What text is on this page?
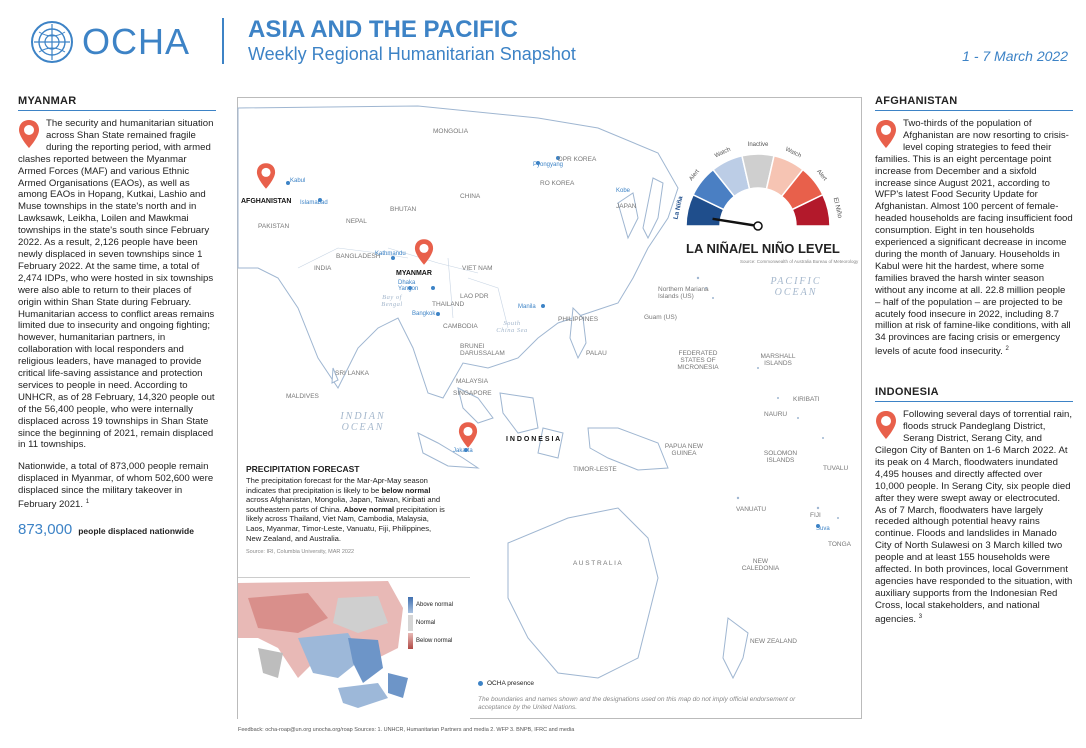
OCHA ASIA AND THE PACIFIC
Weekly Regional Humanitarian Snapshot	1 - 7 March 2022
MYANMAR
The security and humanitarian situation across Shan State remained fragile during the reporting period, with armed clashes reported between the Myanmar Armed Forces (MAF) and various Ethnic Armed Organisations (EAOs), as well as among EAOs in Hopang, Kutkai, Lashio and Muse townships in the state's north and in Lawksawk, Leikha, Loilen and Mawkmai townships in the state's south since February 2022. As a result, 2,126 people have been newly displaced in seven townships since 1 February 2022. At the same time, a total of 2,474 IDPs, who were hosted in six townships were also able to return to their places of origin within Shan State during February. Humanitarian access to conflict areas remains limited due to insecurity and ongoing fighting; however, humanitarian partners, in collaboration with local responders and religious leaders, have managed to provide critical life-saving assistance and protection services to people in need. According to UNHCR, as of 28 February, 14,320 people out of the 56,400 people, who were internally displaced across 19 townships in Shan State since the beginning of 2021, remain displaced in 11 townships.
Nationwide, a total of 873,000 people remain displaced in Myanmar, of whom 502,600 were displaced since the military takeover in February 2021. $^1$
873,000 people displaced nationwide
MONGOLIA
CHINA
DPR KOREA
RO KOREA
JAPAN
AFGHANISTAN
PAKISTAN
NEPAL
BHUTAN
INDIA
BANGLADESH
MYANMAR
VIET NAM
LAO PDR
THAILAND
CAMBODIA
PHILIPPINES
SRI LANKA
MALDIVES
BRUNEI DARUSSALAM
MALAYSIA
SINGAPORE
I N D O N E S I A
PALAU	FEDERATED STATES OF MICRONESIA
MARSHALL ISLANDS
KIRIBATI
NAURU
SOLOMON ISLANDS
TUVALU
PAPUA NEW GUINEA
TIMOR-LESTE
VANUATU
FIJI
TONGA
NEW CALEDONIA
A U S T R A L I A
NEW ZEALAND
Northern Mariana Islands (US)
Guam (US)
PACIFIC OCEAN
INDIAN OCEAN
Bay of Bengal
South China Sea
Kabul
Islamabad
Kathmandu
Dhaka
Yangon
Bangkok
Manila
Jakarta
Kobe
Pyongyang
Suva
La Niña
Alert
Watch
Inactive
Watch
Alert
El Niño
LA NIÑA/EL NIÑO LEVEL
Source: Commonwealth of Australia Bureau of Meteorology
PRECIPITATION FORECAST
The precipitation forecast for the Mar-Apr-May season indicates that precipitation is likely to be below normal across Afghanistan, Mongolia, Japan, Taiwan, Kiribati and southeastern parts of China. Above normal precipitation is likely across Thailand, Viet Nam, Cambodia, Malaysia, Laos, Myanmar, Timor-Leste, Vanuatu, Fiji, Philippines, New Zealand, and Australia.
Source: IRI, Columbia University, MAR 2022
Above normal
Normal
Below normal
OCHA presence
The boundaries and names shown and the designations used on this map do not imply official endorsement or acceptance by the United Nations.
AFGHANISTAN
Two-thirds of the population of Afghanistan are now resorting to crisis-level coping strategies to feed their families. This is an eight percentage point increase from December and a sixfold increase since August 2021, according to WFP's latest Food Security Update for Afghanistan. Almost 100 percent of female-headed households are facing insufficient food consumption. Eight in ten households experienced a significant decrease in income during the month of January. Households in Kabul were hit the hardest, where some families braved the harsh winter season without any income at all. 22.8 million people – half of the population – are projected to be acutely food insecure in 2022, including 8.7 million at risk of famine-like conditions, with all 34 provinces are facing crisis or emergency levels of acute food insecurity. $^2$
INDONESIA
Following several days of torrential rain, floods struck Pandeglang District, Serang District, Serang City, and Cilegon City of Banten on 1-6 March 2022. At its peak on 4 March, floodwaters inundated 4,495 houses and directly affected over 10,000 people. In Serang City, six people died after they were swept away or electrocuted. As of 7 March, floodwaters have largely receded although potential heavy rains continue. Floods and landslides in Manado City of North Sulawesi on 3 March killed two people and at least 155 households were affected. In both provinces, local Government agencies have responded to the situation, with auxiliary supports from the Indonesian Red Cross, local stakeholders, and national agencies. $^3$
Feedback: ocha-roap@un.org unocha.org/roap Sources: 1. UNHCR, Humanitarian Partners and media 2. WFP 3. BNPB, IFRC and media
